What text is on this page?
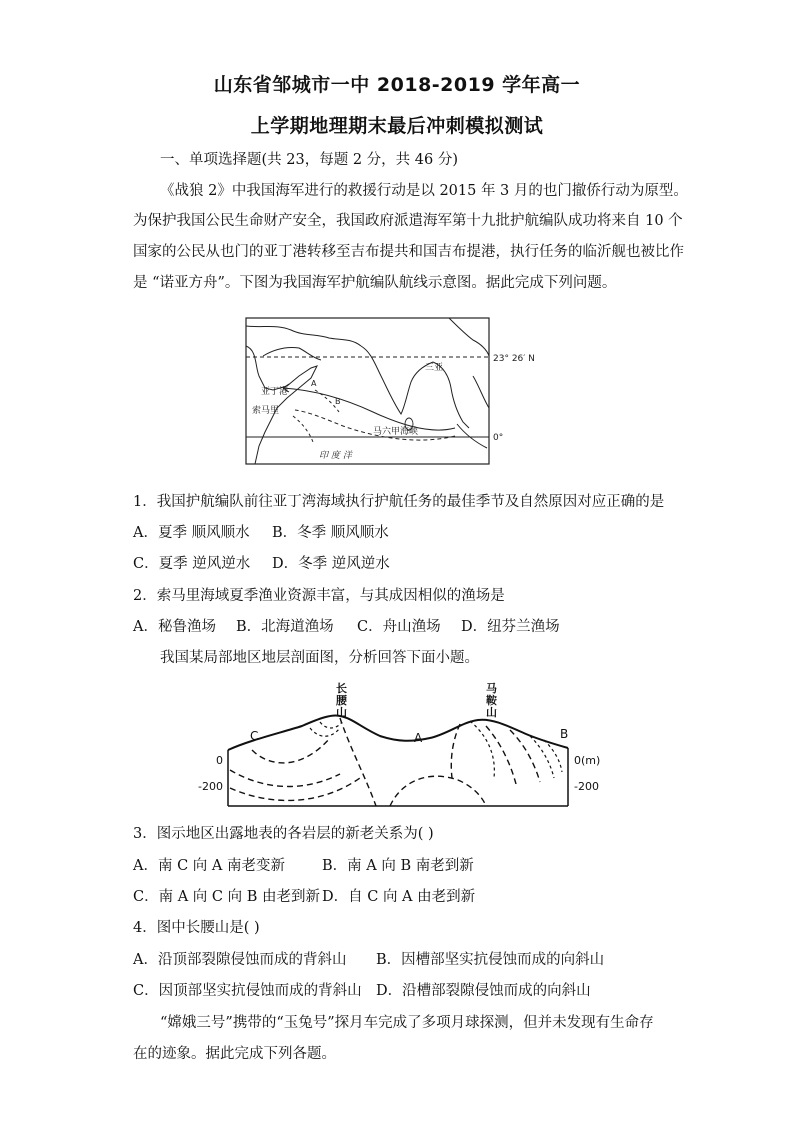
山东省邹城市一中 2018-2019 学年高一
上学期地理期末最后冲刺模拟测试
一、单项选择题(共 23，每题 2 分，共 46 分)
《战狼 2》中我国海军进行的救援行动是以 2015 年 3 月的也门撤侨行动为原型。
为保护我国公民生命财产安全，我国政府派遣海军第十九批护航编队成功将来自 10 个
国家的公民从也门的亚丁港转移至吉布提共和国吉布提港，执行任务的临沂舰也被比作
是 “诺亚方舟”。下图为我国海军护航编队航线示意图。据此完成下列问题。
23° 26′ N
0°
三亚
亚丁港
索马里
马六甲海峡
印 度 洋
A
B
1．我国护航编队前往亚丁湾海域执行护航任务的最佳季节及自然原因对应正确的是
A．夏季 顺风顺水 B．冬季 顺风顺水
C．夏季 逆风逆水 D．冬季 逆风逆水
2．索马里海域夏季渔业资源丰富，与其成因相似的渔场是
A．秘鲁渔场 B．北海道渔场 C．舟山渔场 D．纽芬兰渔场
我国某局部地区地层剖面图，分析回答下面小题。
长腰山
马鞍山
C	A	B
0
-200
0(m)
-200
3．图示地区出露地表的各岩层的新老关系为( )
A．南 C 向 A 南老变新	B．南 A 向 B 南老到新
C．南 A 向 C 向 B 由老到新 D．自 C 向 A 由老到新
4．图中长腰山是( )
A．沿顶部裂隙侵蚀而成的背斜山 B．因槽部坚实抗侵蚀而成的向斜山
C．因顶部坚实抗侵蚀而成的背斜山 D．沿槽部裂隙侵蚀而成的向斜山
“嫦娥三号”携带的“玉兔号”探月车完成了多项月球探测，但并未发现有生命存
在的迹象。据此完成下列各题。
